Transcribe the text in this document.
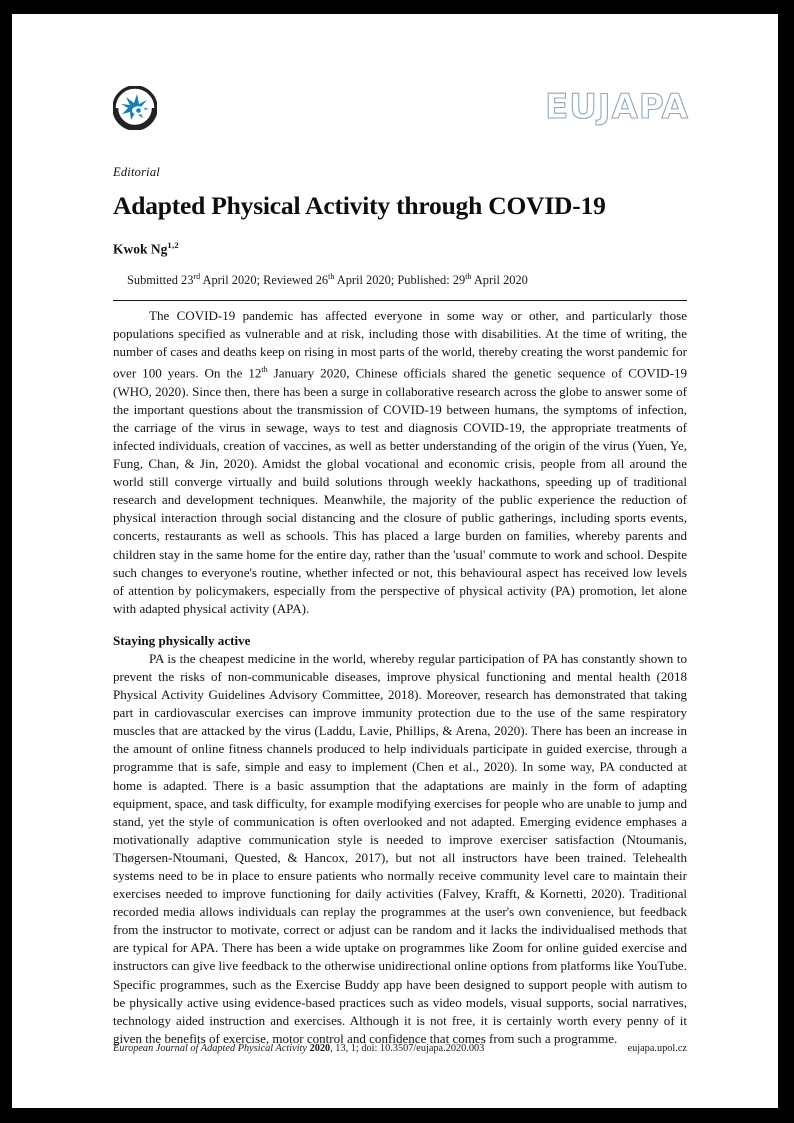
EUJAPA
Editorial
Adapted Physical Activity through COVID-19
Kwok Ng$^{1,2}$
Submitted 23rd April 2020; Reviewed 26th April 2020; Published: 29th April 2020

The COVID-19 pandemic has affected everyone in some way or other, and particularly those populations specified as vulnerable and at risk, including those with disabilities. At the time of writing, the number of cases and deaths keep on rising in most parts of the world, thereby creating the worst pandemic for over 100 years. On the 12th January 2020, Chinese officials shared the genetic sequence of COVID-19 (WHO, 2020). Since then, there has been a surge in collaborative research across the globe to answer some of the important questions about the transmission of COVID-19 between humans, the symptoms of infection, the carriage of the virus in sewage, ways to test and diagnosis COVID-19, the appropriate treatments of infected individuals, creation of vaccines, as well as better understanding of the origin of the virus (Yuen, Ye, Fung, Chan, & Jin, 2020). Amidst the global vocational and economic crisis, people from all around the world still converge virtually and build solutions through weekly hackathons, speeding up of traditional research and development techniques. Meanwhile, the majority of the public experience the reduction of physical interaction through social distancing and the closure of public gatherings, including sports events, concerts, restaurants as well as schools. This has placed a large burden on families, whereby parents and children stay in the same home for the entire day, rather than the 'usual' commute to work and school. Despite such changes to everyone's routine, whether infected or not, this behavioural aspect has received low levels of attention by policymakers, especially from the perspective of physical activity (PA) promotion, let alone with adapted physical activity (APA).

Staying physically active

PA is the cheapest medicine in the world, whereby regular participation of PA has constantly shown to prevent the risks of non-communicable diseases, improve physical functioning and mental health (2018 Physical Activity Guidelines Advisory Committee, 2018). Moreover, research has demonstrated that taking part in cardiovascular exercises can improve immunity protection due to the use of the same respiratory muscles that are attacked by the virus (Laddu, Lavie, Phillips, & Arena, 2020). There has been an increase in the amount of online fitness channels produced to help individuals participate in guided exercise, through a programme that is safe, simple and easy to implement (Chen et al., 2020). In some way, PA conducted at home is adapted. There is a basic assumption that the adaptations are mainly in the form of adapting equipment, space, and task difficulty, for example modifying exercises for people who are unable to jump and stand, yet the style of communication is often overlooked and not adapted. Emerging evidence emphases a motivationally adaptive communication style is needed to improve exerciser satisfaction (Ntoumanis, Thøgersen-Ntoumani, Quested, & Hancox, 2017), but not all instructors have been trained. Telehealth systems need to be in place to ensure patients who normally receive community level care to maintain their exercises needed to improve functioning for daily activities (Falvey, Krafft, & Kornetti, 2020). Traditional recorded media allows individuals can replay the programmes at the user's own convenience, but feedback from the instructor to motivate, correct or adjust can be random and it lacks the individualised methods that are typical for APA. There has been a wide uptake on programmes like Zoom for online guided exercise and instructors can give live feedback to the otherwise unidirectional online options from platforms like YouTube. Specific programmes, such as the Exercise Buddy app have been designed to support people with autism to be physically active using evidence-based practices such as video models, visual supports, social narratives, technology aided instruction and exercises. Although it is not free, it is certainly worth every penny of it given the benefits of exercise, motor control and confidence that comes from such a programme.

European Journal of Adapted Physical Activity 2020, 13, 1; doi: 10.3507/eujapa.2020.003	eujapa.upol.cz
